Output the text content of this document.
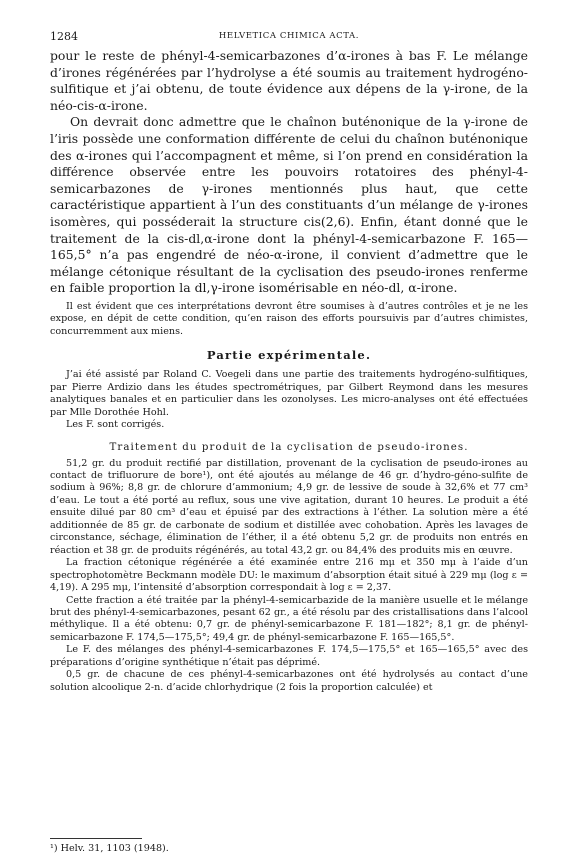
1284	HELVETICA CHIMICA ACTA.

pour le reste de phényl-4-semicarbazones d’α-irones à bas F. Le mélange d’irones régénérées par l’hydrolyse a été soumis au traitement hydrogéno-sulfitique et j’ai obtenu, de toute évidence aux dépens de la γ-irone, de la néo-cis-α-irone.

On devrait donc admettre que le chaînon buténonique de la γ-irone de l’iris possède une conformation différente de celui du chaînon buténonique des α-irones qui l’accompagnent et même, si l’on prend en considération la différence observée entre les pouvoirs rotatoires des phényl-4-semicarbazones de γ-irones mentionnés plus haut, que cette caractéristique appartient à l’un des constituants d’un mélange de γ-irones isomères, qui posséderait la structure cis(2,6). Enfin, étant donné que le traitement de la cis-dl,α-irone dont la phényl-4-semicarbazone F. 165—165,5° n’a pas engendré de néo-α-irone, il convient d’admettre que le mélange cétonique résultant de la cyclisation des pseudo-irones renferme en faible proportion la dl,γ-irone isomérisable en néo-dl, α-irone.

Il est évident que ces interprétations devront être soumises à d’autres contrôles et je ne les expose, en dépit de cette condition, qu’en raison des efforts poursuivis par d’autres chimistes, concurremment aux miens.

Partie expérimentale.

J’ai été assisté par Roland C. Voegeli dans une partie des traitements hydrogéno-sulfitiques, par Pierre Ardizio dans les études spectrométriques, par Gilbert Reymond dans les mesures analytiques banales et en particulier dans les ozonolyses. Les micro-analyses ont été effectuées par Mlle Dorothée Hohl.

Les F. sont corrigés.

Traitement du produit de la cyclisation de pseudo-irones.

51,2 gr. du produit rectifié par distillation, provenant de la cyclisation de pseudo-irones au contact de trifluorure de bore¹), ont été ajoutés au mélange de 46 gr. d’hydro-géno-sulfite de sodium à 96%; 8,8 gr. de chlorure d’ammonium; 4,9 gr. de lessive de soude à 32,6% et 77 cm³ d’eau. Le tout a été porté au reflux, sous une vive agitation, durant 10 heures. Le produit a été ensuite dilué par 80 cm³ d’eau et épuisé par des extractions à l’éther. La solution mère a été additionnée de 85 gr. de carbonate de sodium et distillée avec cohobation. Après les lavages de circonstance, séchage, élimination de l’éther, il a été obtenu 5,2 gr. de produits non entrés en réaction et 38 gr. de produits régénérés, au total 43,2 gr. ou 84,4% des produits mis en œuvre.

La fraction cétonique régénérée a été examinée entre 216 mμ et 350 mμ à l’aide d’un spectrophotomètre Beckmann modèle DU: le maximum d’absorption était situé à 229 mμ (log ε = 4,19). A 295 mμ, l’intensité d’absorption correspondait à log ε = 2,37.

Cette fraction a été traitée par la phényl-4-semicarbazide de la manière usuelle et le mélange brut des phényl-4-semicarbazones, pesant 62 gr., a été résolu par des cristallisations dans l’alcool méthylique. Il a été obtenu: 0,7 gr. de phényl-semicarbazone F. 181—182°; 8,1 gr. de phényl-semicarbazone F. 174,5—175,5°; 49,4 gr. de phényl-semicarbazone F. 165—165,5°.

Le F. des mélanges des phényl-4-semicarbazones F. 174,5—175,5° et 165—165,5° avec des préparations d’origine synthétique n’était pas déprimé.

0,5 gr. de chacune de ces phényl-4-semicarbazones ont été hydrolysés au contact d’une solution alcoolique 2-n. d’acide chlorhydrique (2 fois la proportion calculée) et

¹) Helv. 31, 1103 (1948).
